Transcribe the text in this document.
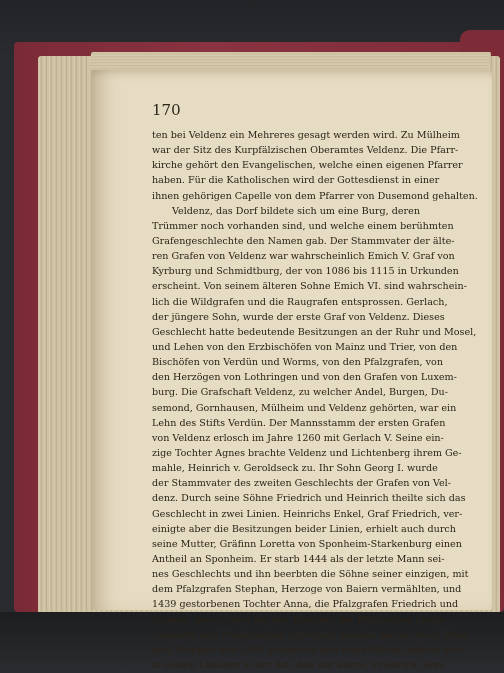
170
ten bei Veldenz ein Mehreres gesagt werden wird. Zu Mülheim
war der Sitz des Kurpfälzischen Oberamtes Veldenz. Die Pfarr-
kirche gehört den Evangelischen, welche einen eigenen Pfarrer
haben. Für die Katholischen wird der Gottesdienst in einer
ihnen gehörigen Capelle von dem Pfarrer von Dusemond gehalten.
Veldenz, das Dorf bildete sich um eine Burg, deren
Trümmer noch vorhanden sind, und welche einem berühmten
Grafengeschlechte den Namen gab. Der Stammvater der älte-
ren Grafen von Veldenz war wahrscheinlich Emich V. Graf von
Kyrburg und Schmidtburg, der von 1086 bis 1115 in Urkunden
erscheint. Von seinem älteren Sohne Emich VI. sind wahrschein-
lich die Wildgrafen und die Raugrafen entsprossen. Gerlach,
der jüngere Sohn, wurde der erste Graf von Veldenz. Dieses
Geschlecht hatte bedeutende Besitzungen an der Ruhr und Mosel,
und Lehen von den Erzbischöfen von Mainz und Trier, von den
Bischöfen von Verdün und Worms, von den Pfalzgrafen, von
den Herzögen von Lothringen und von den Grafen von Luxem-
burg. Die Grafschaft Veldenz, zu welcher Andel, Burgen, Du-
semond, Gornhausen, Mülheim und Veldenz gehörten, war ein
Lehn des Stifts Verdün. Der Mannsstamm der ersten Grafen
von Veldenz erlosch im Jahre 1260 mit Gerlach V. Seine ein-
zige Tochter Agnes brachte Veldenz und Lichtenberg ihrem Ge-
mahle, Heinrich v. Geroldseck zu. Ihr Sohn Georg I. wurde
der Stammvater des zweiten Geschlechts der Grafen von Vel-
denz. Durch seine Söhne Friedrich und Heinrich theilte sich das
Geschlecht in zwei Linien. Heinrichs Enkel, Graf Friedrich, ver-
einigte aber die Besitzungen beider Linien, erhielt auch durch
seine Mutter, Gräfinn Loretta von Sponheim-Starkenburg einen
Antheil an Sponheim. Er starb 1444 als der letzte Mann sei-
nes Geschlechts und ihn beerbten die Söhne seiner einzigen, mit
dem Pfalzgrafen Stephan, Herzoge von Baiern vermählten, und
1439 gestorbenen Tochter Anna, die Pfalzgrafen Friedrich und
Ludwig, deren Vater bei der Theilung der Pfälzischen Lande
Simmern und Zweibrücken zugetheilt worden waren. Auch Pfalz-
graf Stephan war 1444 gestorben und seine Söhne theilten sich
in seinen Ländern in der Art, daß der ältere, Friedrich, Sim-
